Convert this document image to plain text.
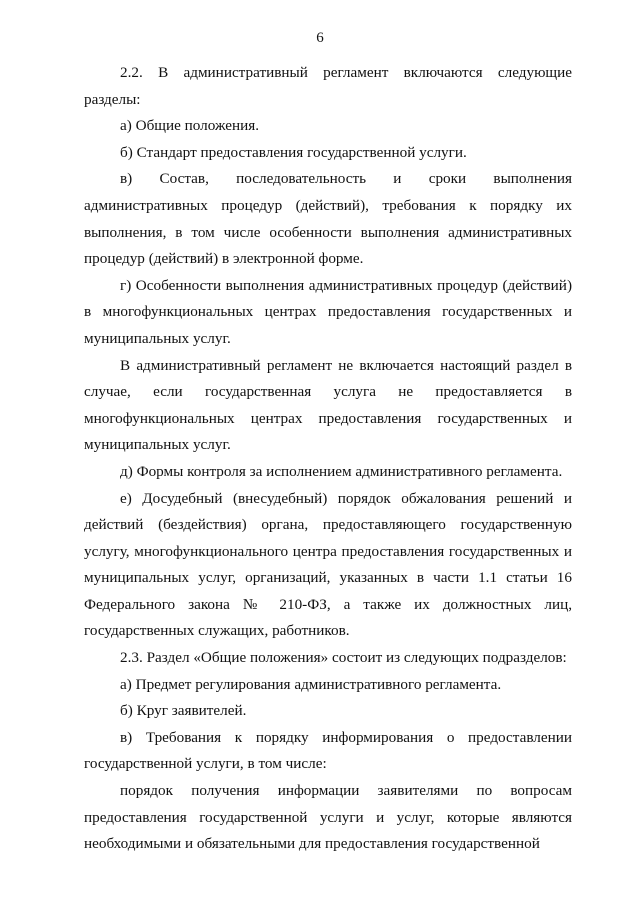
6

2.2. В административный регламент включаются следующие разделы:

а) Общие положения.

б) Стандарт предоставления государственной услуги.

в) Состав, последовательность и сроки выполнения административных процедур (действий), требования к порядку их выполнения, в том числе особенности выполнения административных процедур (действий) в электронной форме.

г) Особенности выполнения административных процедур (действий) в многофункциональных центрах предоставления государственных и муниципальных услуг.

В административный регламент не включается настоящий раздел в случае, если государственная услуга не предоставляется в многофункциональных центрах предоставления государственных и муниципальных услуг.

д) Формы контроля за исполнением административного регламента.

е) Досудебный (внесудебный) порядок обжалования решений и действий (бездействия) органа, предоставляющего государственную услугу, многофункционального центра предоставления государственных и муниципальных услуг, организаций, указанных в части 1.1 статьи 16 Федерального закона № 210-ФЗ, а также их должностных лиц, государственных служащих, работников.

2.3. Раздел «Общие положения» состоит из следующих подразделов:

а) Предмет регулирования административного регламента.

б) Круг заявителей.

в) Требования к порядку информирования о предоставлении государственной услуги, в том числе:

порядок получения информации заявителями по вопросам предоставления государственной услуги и услуг, которые являются необходимыми и обязательными для предоставления государственной
